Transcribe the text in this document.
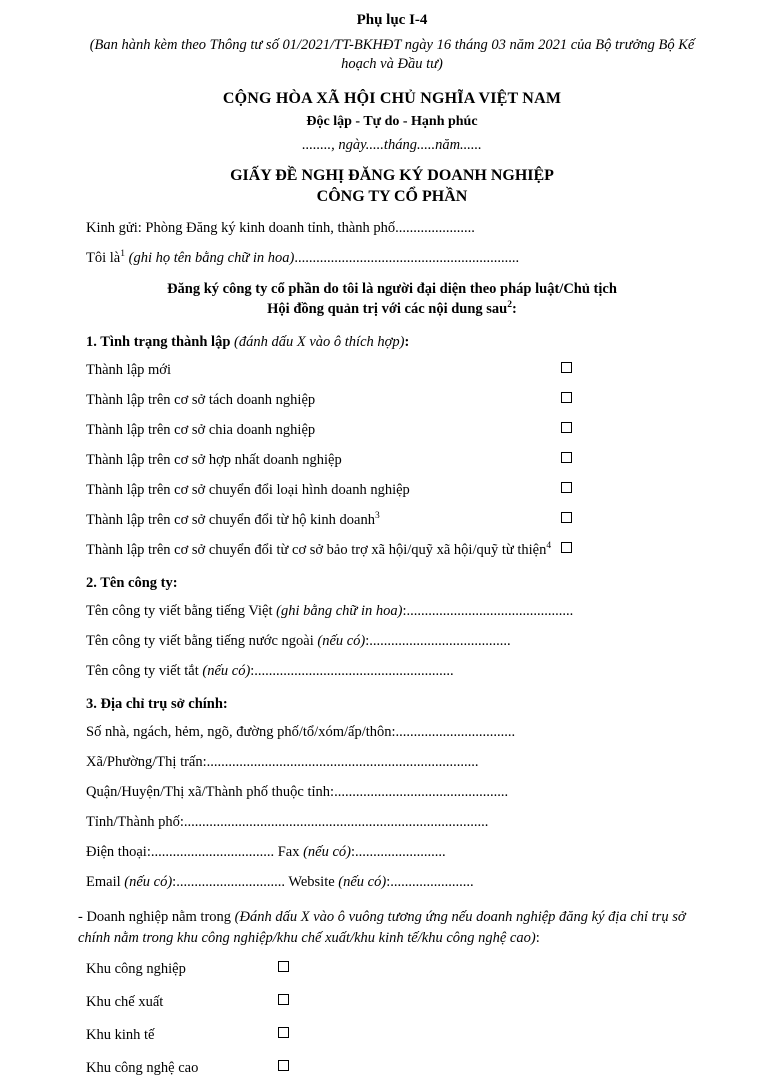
Phụ lục I-4
(Ban hành kèm theo Thông tư số 01/2021/TT-BKHĐT ngày 16 tháng 03 năm 2021 của Bộ trưởng Bộ Kế hoạch và Đầu tư)
CỘNG HÒA XÃ HỘI CHỦ NGHĨA VIỆT NAM
Độc lập - Tự do - Hạnh phúc
........, ngày.....tháng.....năm......
GIẤY ĐỀ NGHỊ ĐĂNG KÝ DOANH NGHIỆP
CÔNG TY CỔ PHẦN
Kinh gửi: Phòng Đăng ký kinh doanh tỉnh, thành phố......................
Tôi $là^1$ (ghi họ tên bằng chữ in hoa)..............................................................
Đăng ký công ty cổ phần do tôi là người đại diện theo pháp luật/Chủ tịch
Hội đồng quản trị với các nội dung sau$^2$:
1. Tình trạng thành lập (đánh dấu X vào ô thích hợp):
Thành lập mới
Thành lập trên cơ sở tách doanh nghiệp
Thành lập trên cơ sở chia doanh nghiệp
Thành lập trên cơ sở hợp nhất doanh nghiệp
Thành lập trên cơ sở chuyển đổi loại hình doanh nghiệp
Thành lập trên cơ sở chuyển đổi từ hộ kinh doanh$^3$
Thành lập trên cơ sở chuyển đổi từ cơ sở bảo trợ xã hội/quỹ xã hội/quỹ từ thiện$^4$
2. Tên công ty:
Tên công ty viết bằng tiếng Việt (ghi bằng chữ in hoa):..............................................
Tên công ty viết bằng tiếng nước ngoài (nếu có):.......................................
Tên công ty viết tắt (nếu có):.......................................................
3. Địa chỉ trụ sở chính:
Số nhà, ngách, hẻm, ngõ, đường phố/tổ/xóm/ấp/thôn:.................................
Xã/Phường/Thị trấn:...........................................................................
Quận/Huyện/Thị xã/Thành phố thuộc tỉnh:................................................
Tỉnh/Thành phố:....................................................................................
Điện thoại:.................................. Fax (nếu có):.........................
Email (nếu có):.............................. Website (nếu có):.......................
- Doanh nghiệp nằm trong (Đánh dấu X vào ô vuông tương ứng nếu doanh nghiệp đăng ký địa chỉ trụ sở chính nằm trong khu công nghiệp/khu chế xuất/khu kinh tế/khu công nghệ cao):
Khu công nghiệp
Khu chế xuất
Khu kinh tế
Khu công nghệ cao
